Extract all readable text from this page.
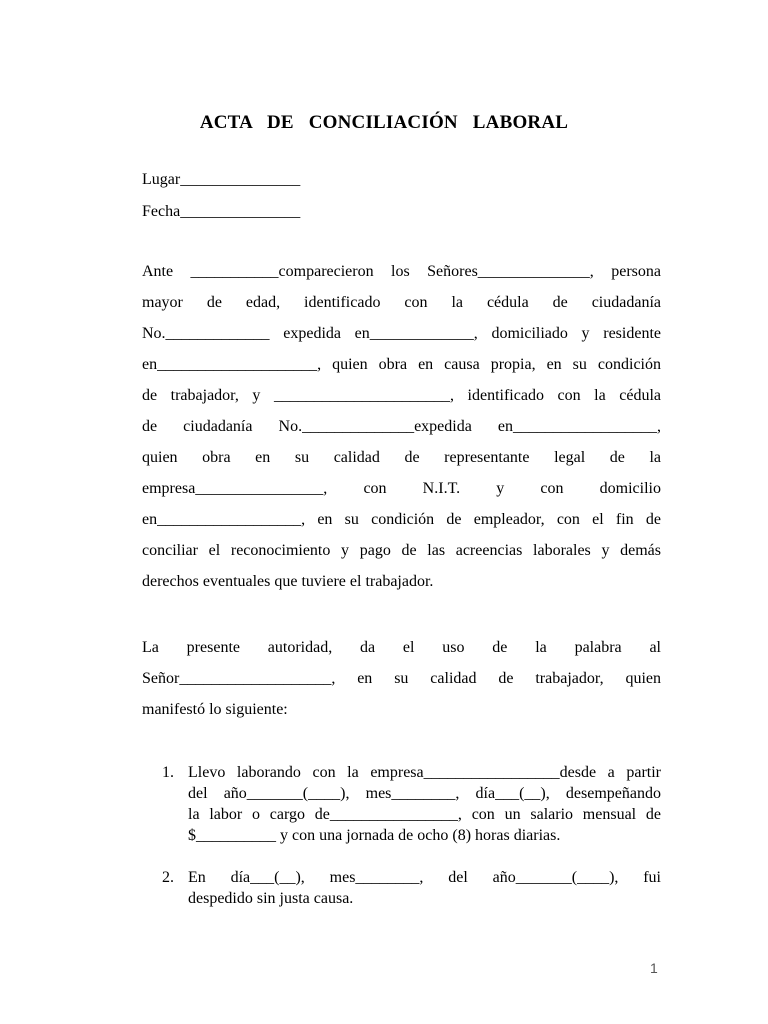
ACTA DE CONCILIACIÓN LABORAL
Lugar_______________
Fecha_______________
Ante ___________comparecieron los Señores______________, persona
mayor de edad, identificado con la cédula de ciudadanía
No._____________ expedida en_____________, domiciliado y residente
en____________________, quien obra en causa propia, en su condición
de trabajador, y ______________________, identificado con la cédula
de ciudadanía No.______________expedida en__________________,
quien obra en su calidad de representante legal de la
empresa________________, con N.I.T. y con domicilio
en__________________, en su condición de empleador, con el fin de
conciliar el reconocimiento y pago de las acreencias laborales y demás
derechos eventuales que tuviere el trabajador.
La presente autoridad, da el uso de la palabra al
Señor___________________, en su calidad de trabajador, quien
manifestó lo siguiente:
1. Llevo laborando con la empresa_________________desde a partir
del año_______(____), mes________, día___(__), desempeñando
la labor o cargo de________________, con un salario mensual de
$__________ y con una jornada de ocho (8) horas diarias.
2. En día___(__), mes________, del año_______(____), fui
despedido sin justa causa.
1
